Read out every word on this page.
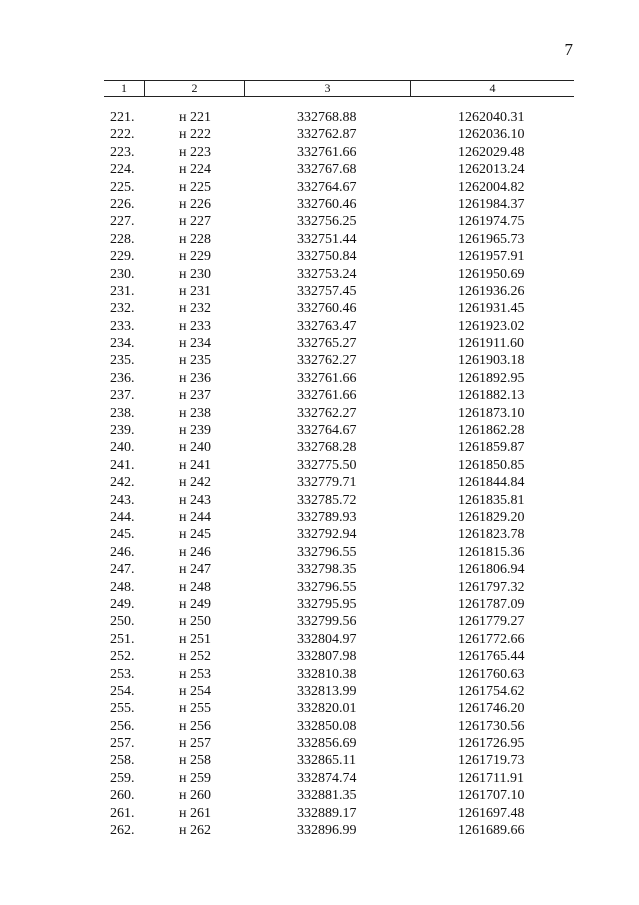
7
1	2	3	4
221.	н 221	332768.88	1262040.31
222.	н 222	332762.87	1262036.10
223.	н 223	332761.66	1262029.48
224.	н 224	332767.68	1262013.24
225.	н 225	332764.67	1262004.82
226.	н 226	332760.46	1261984.37
227.	н 227	332756.25	1261974.75
228.	н 228	332751.44	1261965.73
229.	н 229	332750.84	1261957.91
230.	н 230	332753.24	1261950.69
231.	н 231	332757.45	1261936.26
232.	н 232	332760.46	1261931.45
233.	н 233	332763.47	1261923.02
234.	н 234	332765.27	1261911.60
235.	н 235	332762.27	1261903.18
236.	н 236	332761.66	1261892.95
237.	н 237	332761.66	1261882.13
238.	н 238	332762.27	1261873.10
239.	н 239	332764.67	1261862.28
240.	н 240	332768.28	1261859.87
241.	н 241	332775.50	1261850.85
242.	н 242	332779.71	1261844.84
243.	н 243	332785.72	1261835.81
244.	н 244	332789.93	1261829.20
245.	н 245	332792.94	1261823.78
246.	н 246	332796.55	1261815.36
247.	н 247	332798.35	1261806.94
248.	н 248	332796.55	1261797.32
249.	н 249	332795.95	1261787.09
250.	н 250	332799.56	1261779.27
251.	н 251	332804.97	1261772.66
252.	н 252	332807.98	1261765.44
253.	н 253	332810.38	1261760.63
254.	н 254	332813.99	1261754.62
255.	н 255	332820.01	1261746.20
256.	н 256	332850.08	1261730.56
257.	н 257	332856.69	1261726.95
258.	н 258	332865.11	1261719.73
259.	н 259	332874.74	1261711.91
260.	н 260	332881.35	1261707.10
261.	н 261	332889.17	1261697.48
262.	н 262	332896.99	1261689.66
